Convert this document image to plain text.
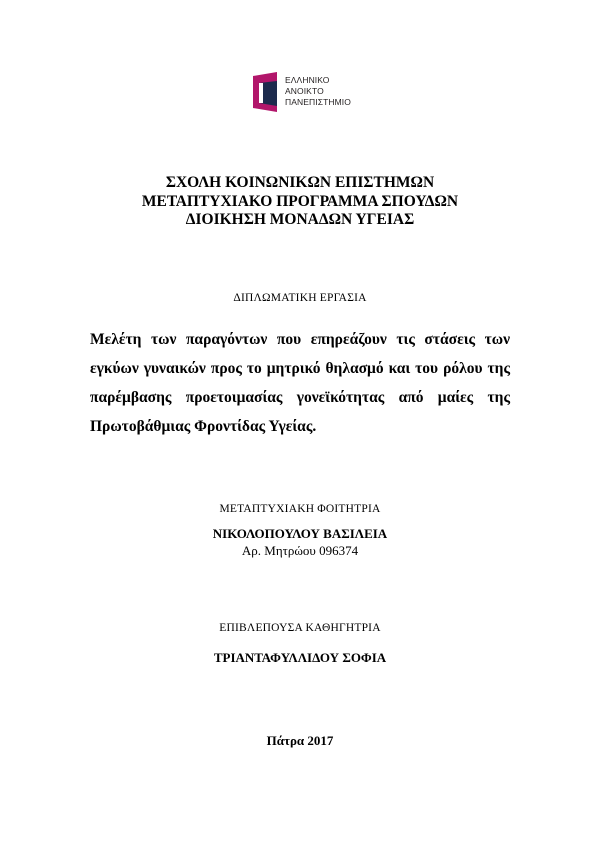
ΕΛΛΗΝΙΚΟ
ΑΝΟΙΚΤΟ
ΠΑΝΕΠΙΣΤΗΜΙΟ
ΣΧΟΛΗ ΚΟΙΝΩΝΙΚΩΝ ΕΠΙΣΤΗΜΩΝ
ΜΕΤΑΠΤΥΧΙΑΚΟ ΠΡΟΓΡΑΜΜΑ ΣΠΟΥΔΩΝ
ΔΙΟΙΚΗΣΗ ΜΟΝΑΔΩΝ ΥΓΕΙΑΣ
ΔΙΠΛΩΜΑΤΙΚΗ ΕΡΓΑΣΙΑ
Μελέτη των παραγόντων που επηρεάζουν τις στάσεις των εγκύων γυναικών προς το μητρικό θηλασμό και του ρόλου της παρέμβασης προετοιμασίας γονεϊκότητας από μαίες της Πρωτοβάθμιας Φροντίδας Υγείας.
ΜΕΤΑΠΤΥΧΙΑΚΗ ΦΟΙΤΗΤΡΙΑ
ΝΙΚΟΛΟΠΟΥΛΟΥ ΒΑΣΙΛΕΙΑ
Αρ. Μητρώου 096374
ΕΠΙΒΛΕΠΟΥΣΑ ΚΑΘΗΓΗΤΡΙΑ
ΤΡΙΑΝΤΑΦΥΛΛΙΔΟΥ ΣΟΦΙΑ
Πάτρα 2017
